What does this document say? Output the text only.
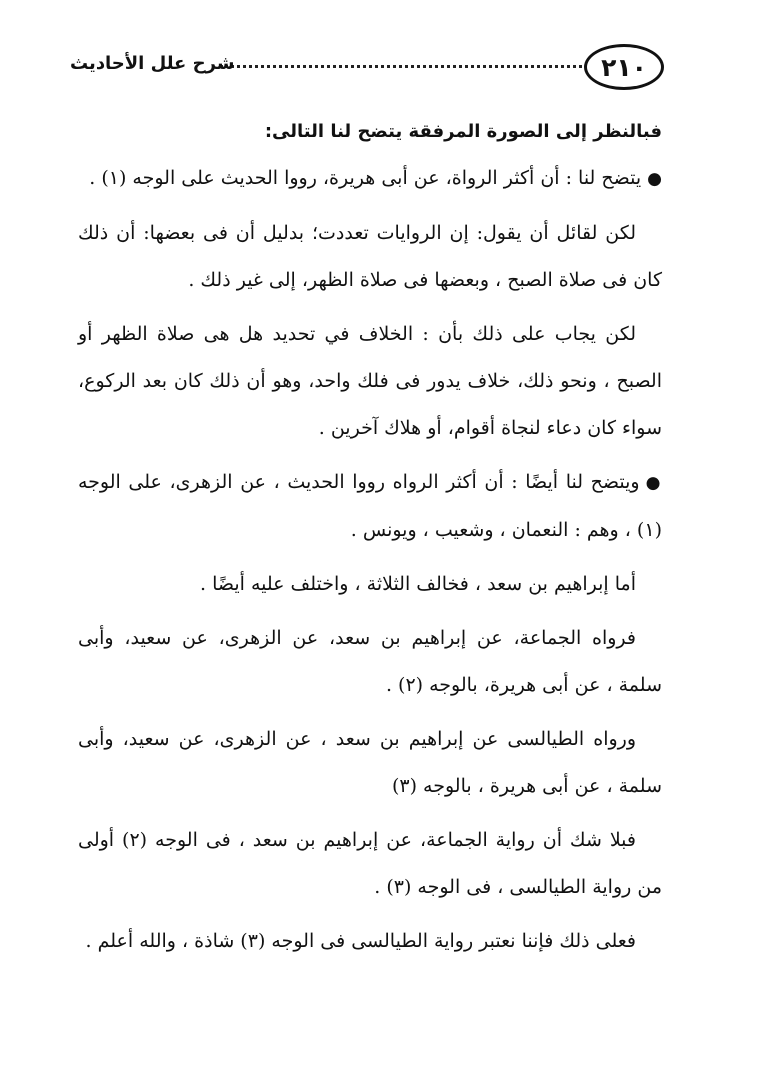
٢١٠
شرح علل الأحاديث

فبالنظر إلى الصورة المرفقة يتضح لنا التالى:

●يتضح لنا : أن أكثر الرواة، عن أبى هريرة، رووا الحديث على الوجه (١) .

لكن لقائل أن يقول: إن الروايات تعددت؛ بدليل أن فى بعضها: أن ذلك كان فى صلاة الصبح ، وبعضها فى صلاة الظهر، إلى غير ذلك .

لكن يجاب على ذلك بأن : الخلاف في تحديد هل هى صلاة الظهر أو الصبح ، ونحو ذلك، خلاف يدور فى فلك واحد، وهو أن ذلك كان بعد الركوع، سواء كان دعاء لنجاة أقوام، أو هلاك آخرين .

●ويتضح لنا أيضًا : أن أكثر الرواه رووا الحديث ، عن الزهرى، على الوجه (١) ، وهم : النعمان ، وشعيب ، ويونس .

أما إبراهيم بن سعد ، فخالف الثلاثة ، واختلف عليه أيضًا .

فرواه الجماعة، عن إبراهيم بن سعد، عن الزهرى، عن سعيد، وأبى سلمة ، عن أبى هريرة، بالوجه (٢) .

ورواه الطيالسى عن إبراهيم بن سعد ، عن الزهرى، عن سعيد، وأبى سلمة ، عن أبى هريرة ، بالوجه (٣)

فبلا شك أن رواية الجماعة، عن إبراهيم بن سعد ، فى الوجه (٢) أولى من رواية الطيالسى ، فى الوجه (٣) .

فعلى ذلك فإننا نعتبر رواية الطيالسى فى الوجه (٣) شاذة ، والله أعلم .
